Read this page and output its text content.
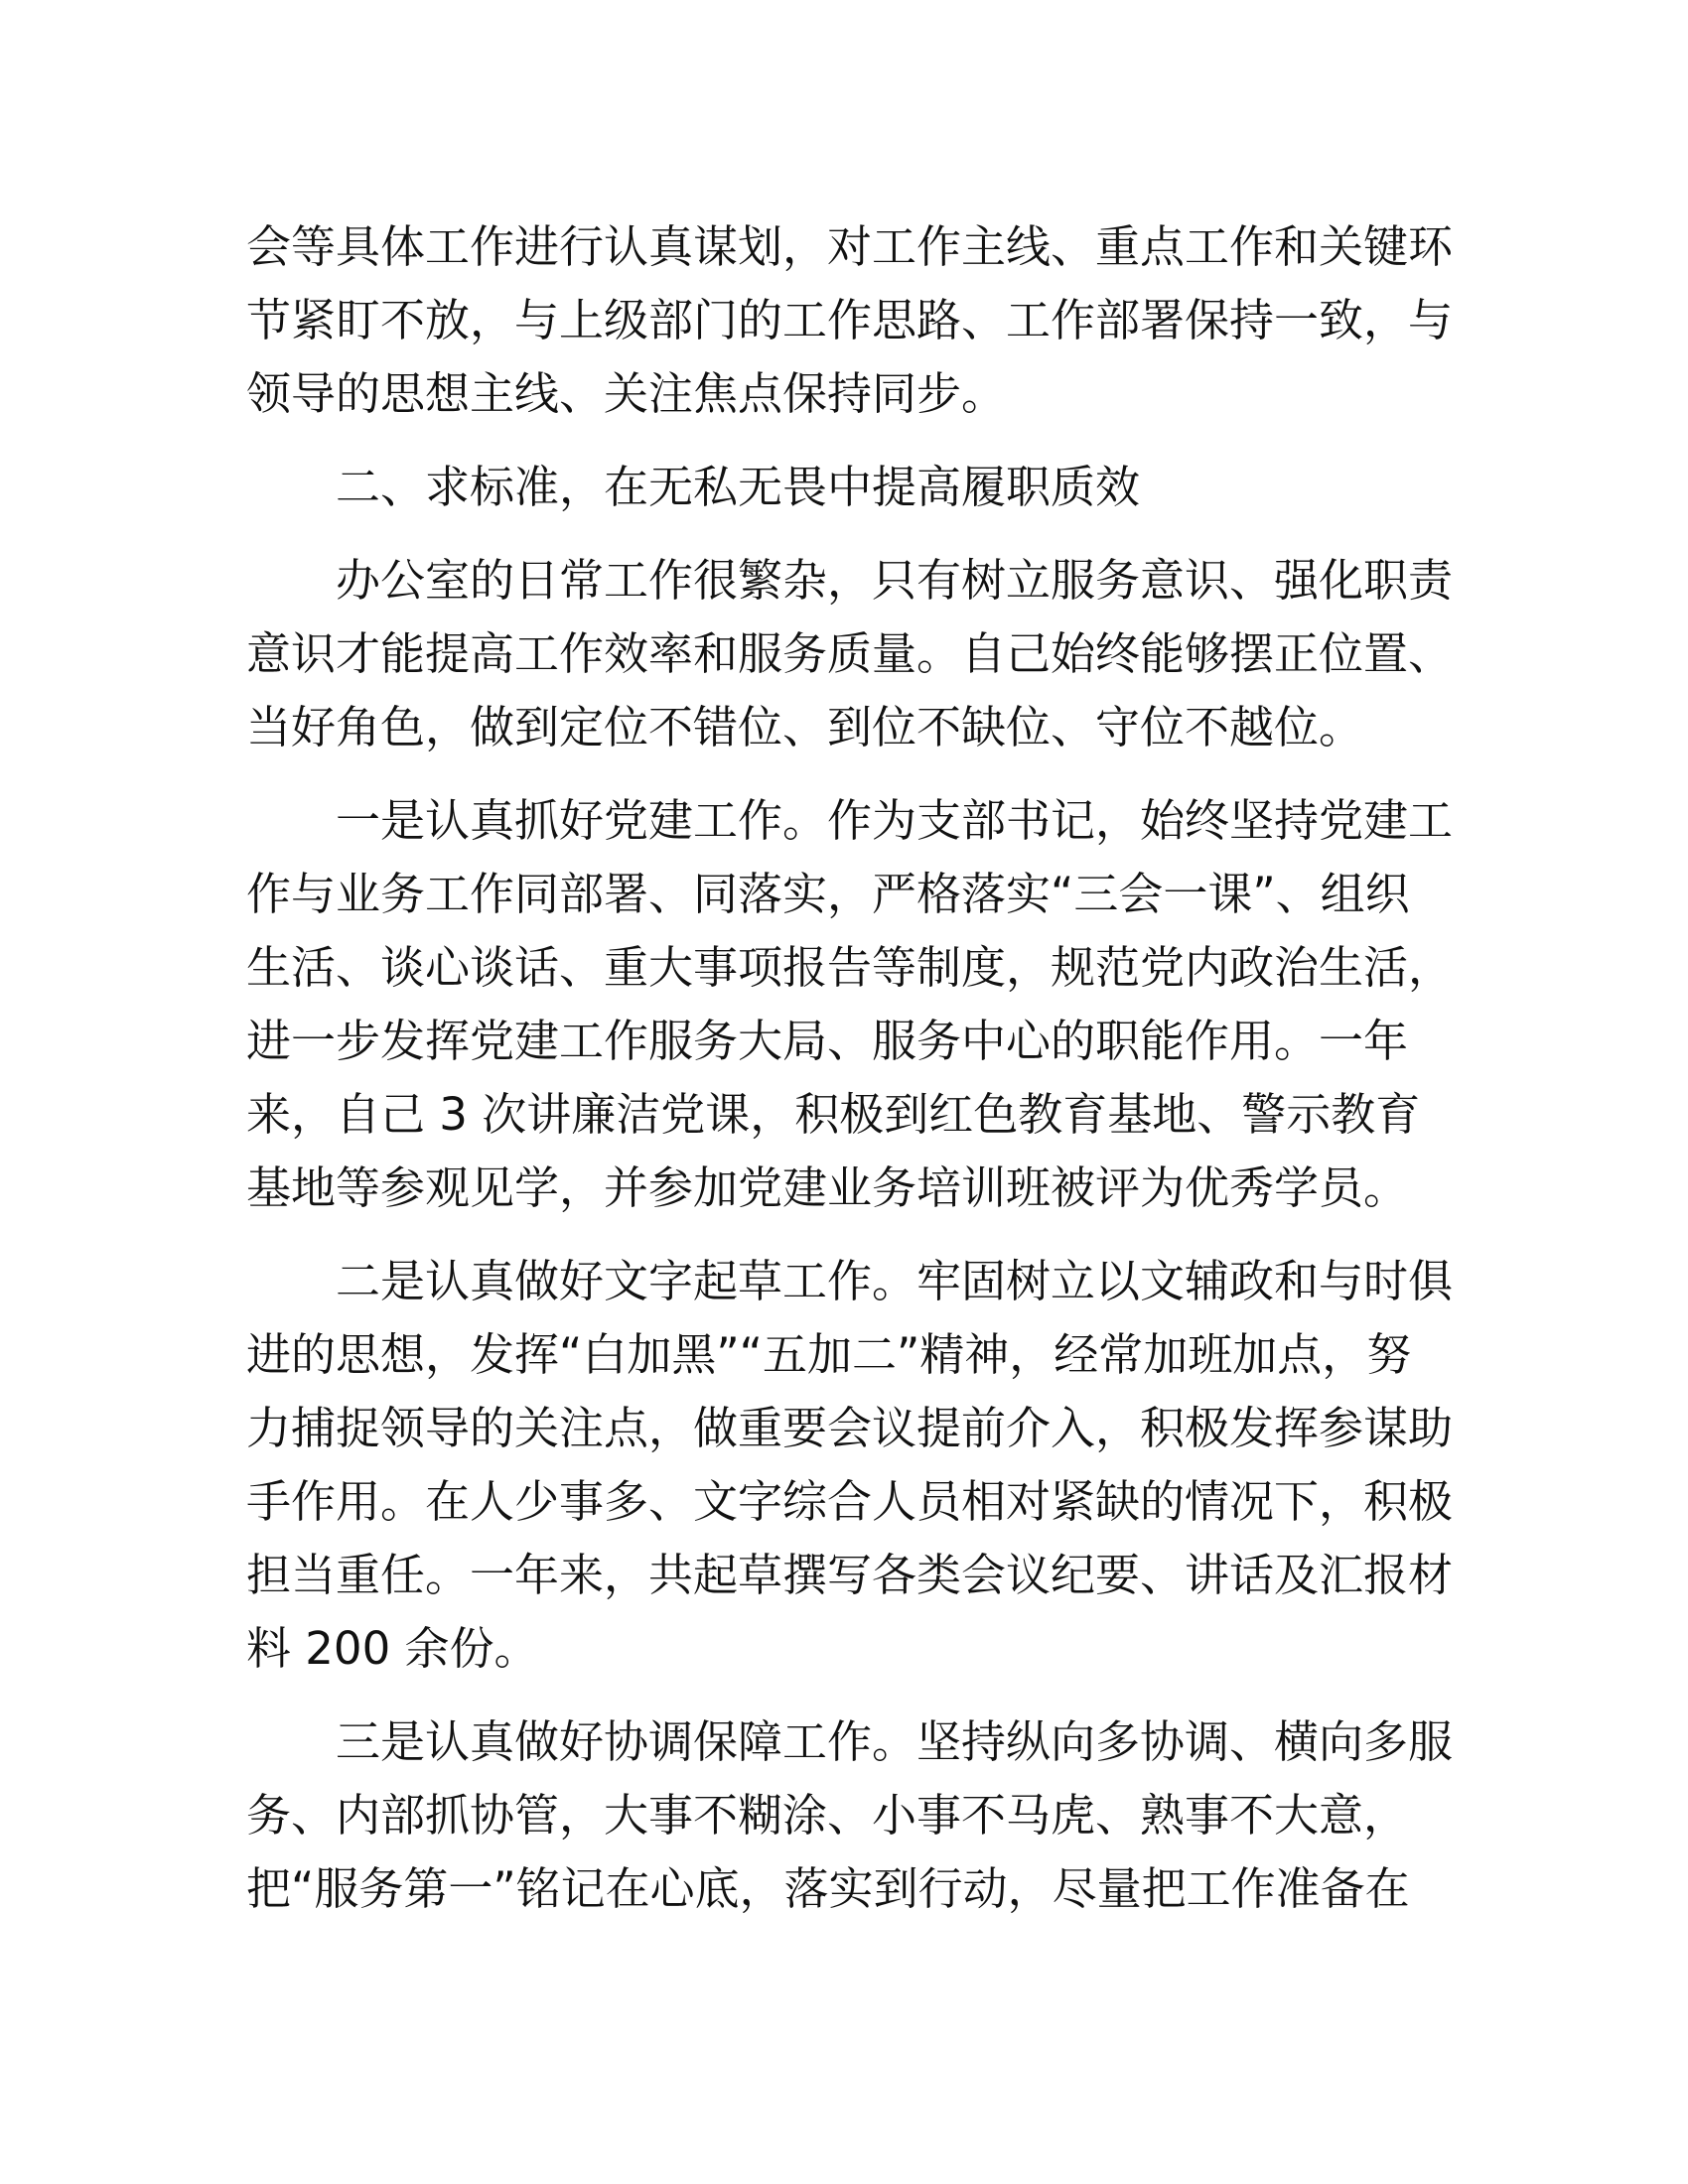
会等具体工作进行认真谋划，对工作主线、重点工作和关键环
节紧盯不放，与上级部门的工作思路、工作部署保持一致，与
领导的思想主线、关注焦点保持同步。
二、求标准，在无私无畏中提高履职质效
办公室的日常工作很繁杂，只有树立服务意识、强化职责
意识才能提高工作效率和服务质量。自己始终能够摆正位置、
当好角色，做到定位不错位、到位不缺位、守位不越位。
一是认真抓好党建工作。作为支部书记，始终坚持党建工
作与业务工作同部署、同落实，严格落实“三会一课”、组织
生活、谈心谈话、重大事项报告等制度，规范党内政治生活，
进一步发挥党建工作服务大局、服务中心的职能作用。一年
来，自己 3 次讲廉洁党课，积极到红色教育基地、警示教育
基地等参观见学，并参加党建业务培训班被评为优秀学员。
二是认真做好文字起草工作。牢固树立以文辅政和与时俱
进的思想，发挥“白加黑”“五加二”精神，经常加班加点，努
力捕捉领导的关注点，做重要会议提前介入，积极发挥参谋助
手作用。在人少事多、文字综合人员相对紧缺的情况下，积极
担当重任。一年来，共起草撰写各类会议纪要、讲话及汇报材
料 200 余份。
三是认真做好协调保障工作。坚持纵向多协调、横向多服
务、内部抓协管，大事不糊涂、小事不马虎、熟事不大意，
把“服务第一”铭记在心底，落实到行动，尽量把工作准备在
